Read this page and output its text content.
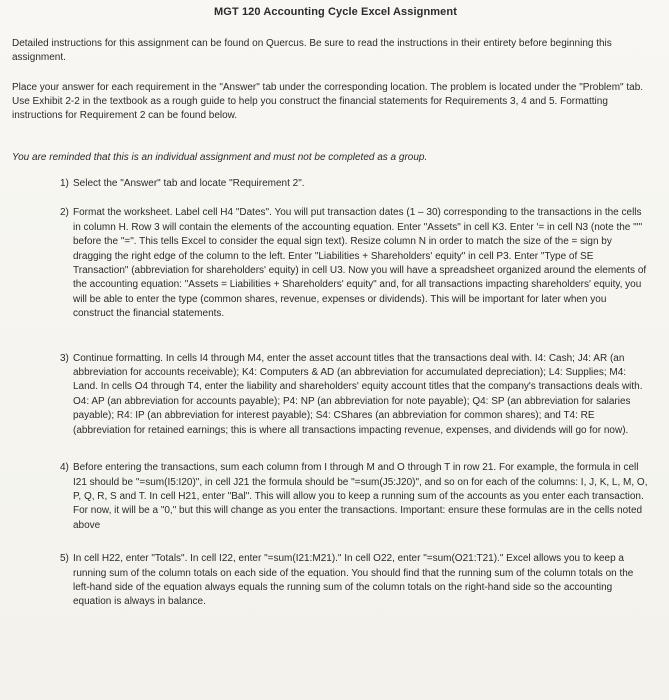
MGT 120 Accounting Cycle Excel Assignment

Detailed instructions for this assignment can be found on Quercus. Be sure to read the instructions in their entirety before beginning this assignment.

Place your answer for each requirement in the "Answer" tab under the corresponding location. The problem is located under the "Problem" tab. Use Exhibit 2-2 in the textbook as a rough guide to help you construct the financial statements for Requirements 3, 4 and 5. Formatting instructions for Requirement 2 can be found below.

You are reminded that this is an individual assignment and must not be completed as a group.

1) Select the "Answer" tab and locate "Requirement 2".
2) Format the worksheet. Label cell H4 "Dates". You will put transaction dates (1 – 30) corresponding to the transactions in the cells in column H. Row 3 will contain the elements of the accounting equation. Enter "Assets" in cell K3. Enter '= in cell N3 (note the "'" before the "=". This tells Excel to consider the equal sign text). Resize column N in order to match the size of the = sign by dragging the right edge of the column to the left. Enter "Liabilities + Shareholders' equity" in cell P3. Enter "Type of SE Transaction" (abbreviation for shareholders' equity) in cell U3. Now you will have a spreadsheet organized around the elements of the accounting equation: "Assets = Liabilities + Shareholders' equity" and, for all transactions impacting shareholders' equity, you will be able to enter the type (common shares, revenue, expenses or dividends). This will be important for later when you construct the financial statements.
3) Continue formatting. In cells I4 through M4, enter the asset account titles that the transactions deal with. I4: Cash; J4: AR (an abbreviation for accounts receivable); K4: Computers & AD (an abbreviation for accumulated depreciation); L4: Supplies; M4: Land. In cells O4 through T4, enter the liability and shareholders' equity account titles that the company's transactions deals with. O4: AP (an abbreviation for accounts payable); P4: NP (an abbreviation for note payable); Q4: SP (an abbreviation for salaries payable); R4: IP (an abbreviation for interest payable); S4: CShares (an abbreviation for common shares); and T4: RE (abbreviation for retained earnings; this is where all transactions impacting revenue, expenses, and dividends will go for now).
4) Before entering the transactions, sum each column from I through M and O through T in row 21. For example, the formula in cell I21 should be "=sum(I5:I20)", in cell J21 the formula should be "=sum(J5:J20)", and so on for each of the columns: I, J, K, L, M, O, P, Q, R, S and T. In cell H21, enter "Bal". This will allow you to keep a running sum of the accounts as you enter each transaction. For now, it will be a "0," but this will change as you enter the transactions. Important: ensure these formulas are in the cells noted above
5) In cell H22, enter "Totals". In cell I22, enter "=sum(I21:M21)." In cell O22, enter "=sum(O21:T21)." Excel allows you to keep a running sum of the column totals on each side of the equation. You should find that the running sum of the column totals on the left-hand side of the equation always equals the running sum of the column totals on the right-hand side so the accounting equation is always in balance.
